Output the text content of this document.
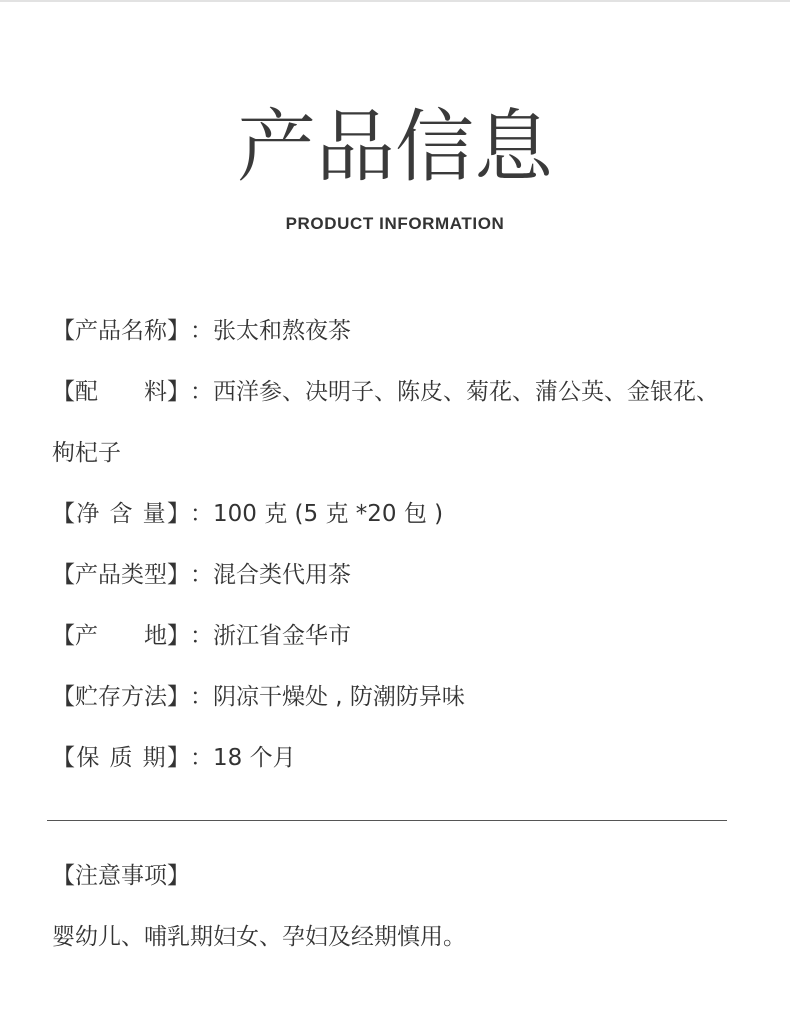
产品信息
PRODUCT INFORMATION
【产品名称】：张太和熬夜茶
【配　　料】：西洋参、决明子、陈皮、菊花、蒲公英、金银花、枸杞子
【净 含 量】：100 克 (5 克 *20 包 )
【产品类型】：混合类代用茶
【产　　地】：浙江省金华市
【贮存方法】：阴凉干燥处 , 防潮防异味
【保 质 期】：18 个月
【注意事项】
婴幼儿、哺乳期妇女、孕妇及经期慎用。
